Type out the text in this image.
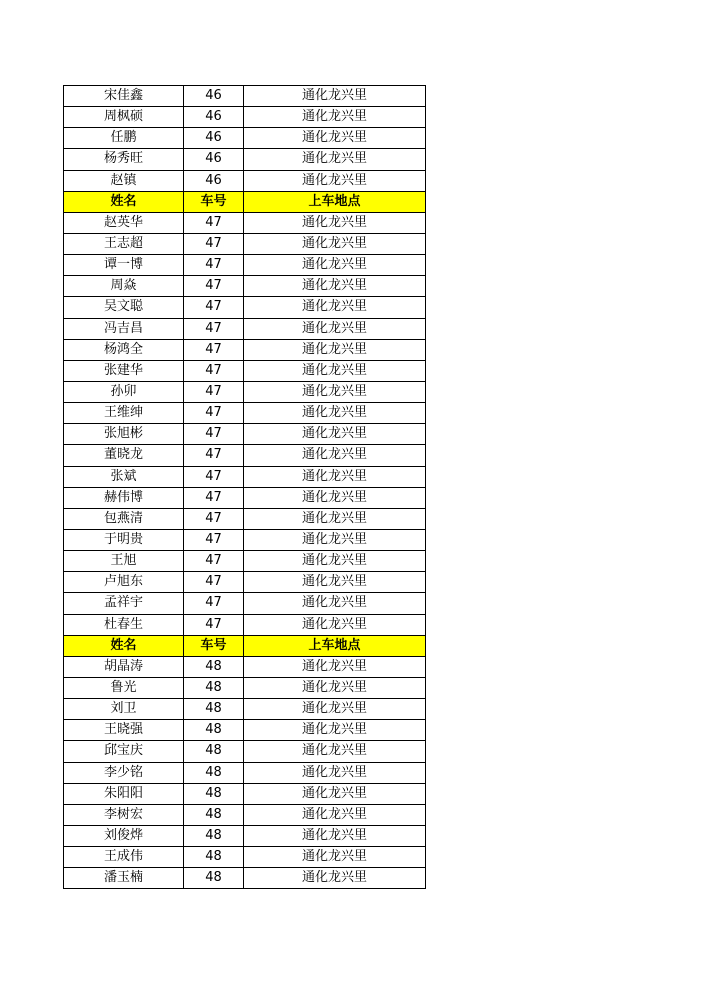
宋佳鑫	46	通化龙兴里
周枫硕	46	通化龙兴里
任鹏	46	通化龙兴里
杨秀旺	46	通化龙兴里
赵镇	46	通化龙兴里
姓名	车号	上车地点
赵英华	47	通化龙兴里
王志超	47	通化龙兴里
谭一博	47	通化龙兴里
周焱	47	通化龙兴里
吴文聪	47	通化龙兴里
冯吉昌	47	通化龙兴里
杨鸿全	47	通化龙兴里
张建华	47	通化龙兴里
孙卯	47	通化龙兴里
王维绅	47	通化龙兴里
张旭彬	47	通化龙兴里
董晓龙	47	通化龙兴里
张斌	47	通化龙兴里
赫伟博	47	通化龙兴里
包燕清	47	通化龙兴里
于明贵	47	通化龙兴里
王旭	47	通化龙兴里
卢旭东	47	通化龙兴里
孟祥宇	47	通化龙兴里
杜春生	47	通化龙兴里
姓名	车号	上车地点
胡晶涛	48	通化龙兴里
鲁光	48	通化龙兴里
刘卫	48	通化龙兴里
王晓强	48	通化龙兴里
邱宝庆	48	通化龙兴里
李少铭	48	通化龙兴里
朱阳阳	48	通化龙兴里
李树宏	48	通化龙兴里
刘俊烨	48	通化龙兴里
王成伟	48	通化龙兴里
潘玉楠	48	通化龙兴里
